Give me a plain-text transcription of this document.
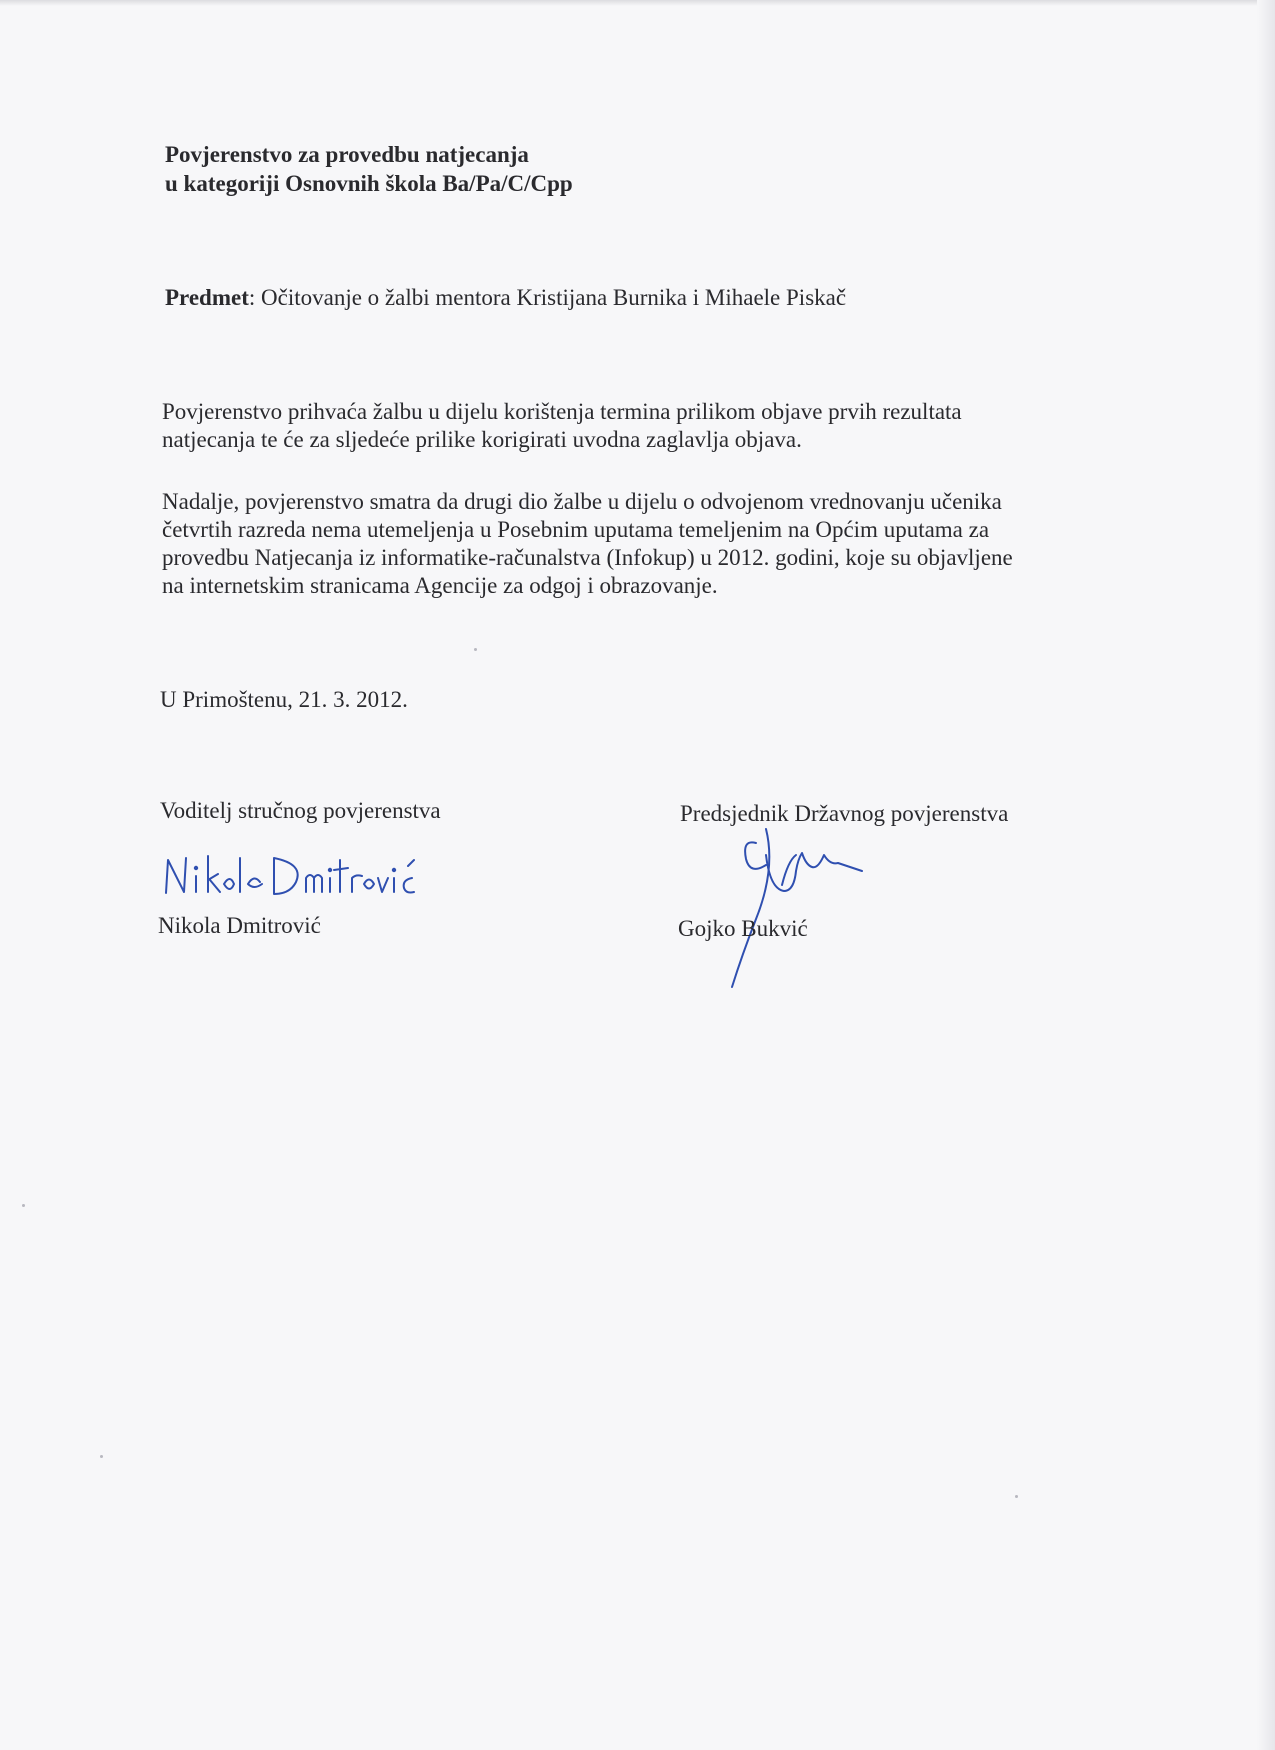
Povjerenstvo za provedbu natjecanja
u kategoriji Osnovnih škola Ba/Pa/C/Cpp
Predmet: Očitovanje o žalbi mentora Kristijana Burnika i Mihaele Piskač
Povjerenstvo prihvaća žalbu u dijelu korištenja termina prilikom objave prvih rezultata
natjecanja te će za sljedeće prilike korigirati uvodna zaglavlja objava.
Nadalje, povjerenstvo smatra da drugi dio žalbe u dijelu o odvojenom vrednovanju učenika
četvrtih razreda nema utemeljenja u Posebnim uputama temeljenim na Općim uputama za
provedbu Natjecanja iz informatike-računalstva (Infokup) u 2012. godini, koje su objavljene
na internetskim stranicama Agencije za odgoj i obrazovanje.
U Primoštenu, 21. 3. 2012.
Voditelj stručnog povjerenstva
Nikola Dmitrović
Predsjednik Državnog povjerenstva
Gojko Bukvić
